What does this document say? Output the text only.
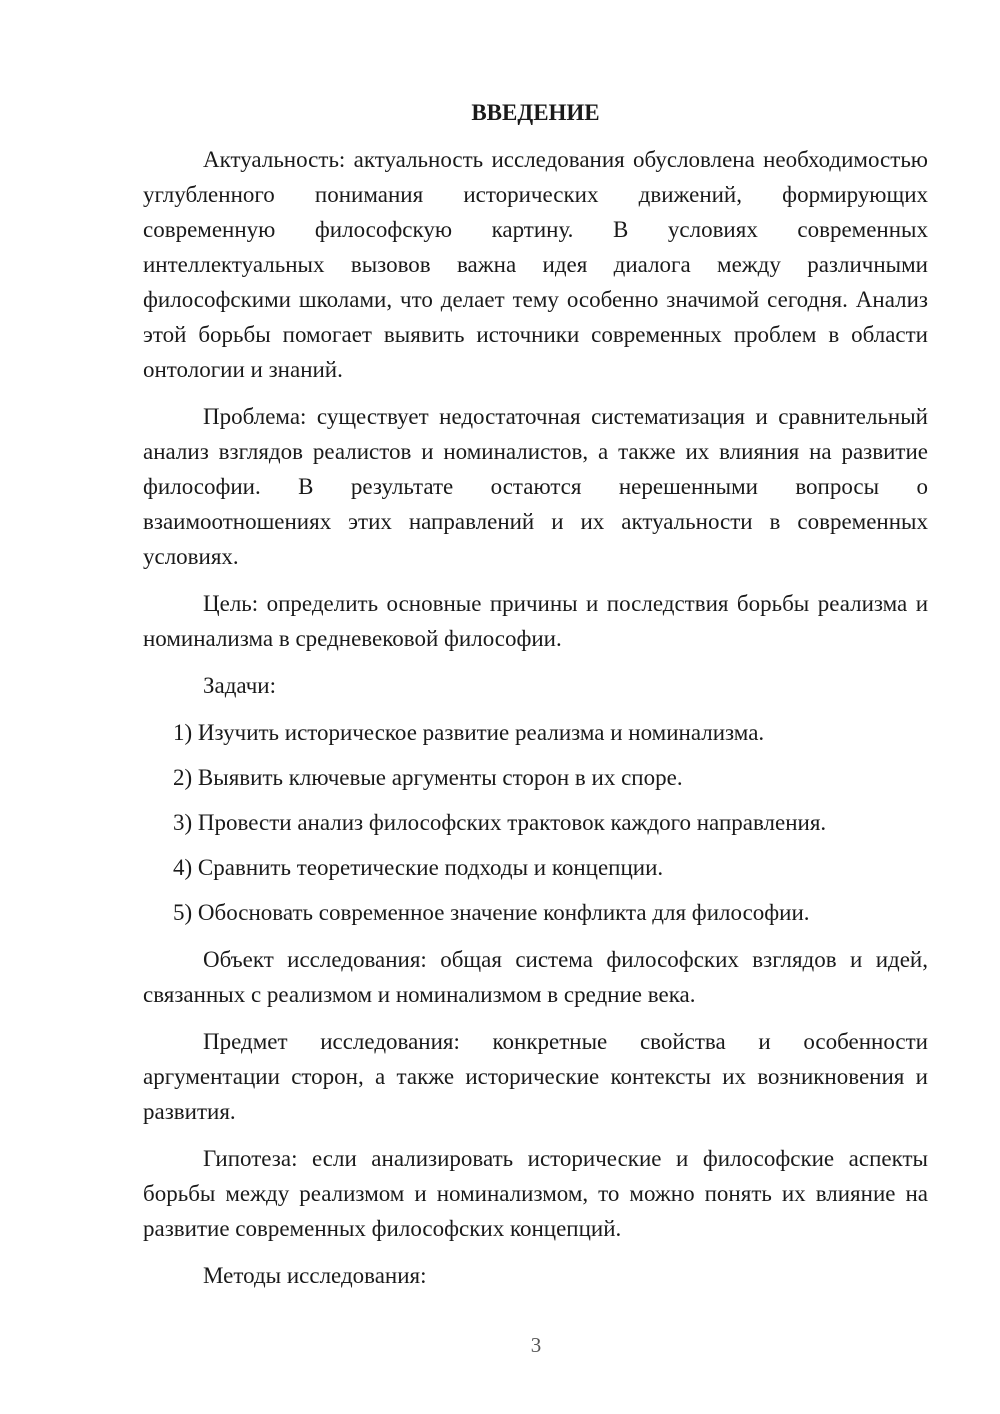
ВВЕДЕНИЕ

Актуальность: актуальность исследования обусловлена необходимостью углубленного понимания исторических движений, формирующих современную философскую картину. В условиях современных интеллектуальных вызовов важна идея диалога между различными философскими школами, что делает тему особенно значимой сегодня. Анализ этой борьбы помогает выявить источники современных проблем в области онтологии и знаний.

Проблема: существует недостаточная систематизация и сравнительный анализ взглядов реалистов и номиналистов, а также их влияния на развитие философии. В результате остаются нерешенными вопросы о взаимоотношениях этих направлений и их актуальности в современных условиях.

Цель: определить основные причины и последствия борьбы реализма и номинализма в средневековой философии.

Задачи:

1) Изучить историческое развитие реализма и номинализма.
2) Выявить ключевые аргументы сторон в их споре.
3) Провести анализ философских трактовок каждого направления.
4) Сравнить теоретические подходы и концепции.
5) Обосновать современное значение конфликта для философии.

Объект исследования: общая система философских взглядов и идей, связанных с реализмом и номинализмом в средние века.

Предмет исследования: конкретные свойства и особенности аргументации сторон, а также исторические контексты их возникновения и развития.

Гипотеза: если анализировать исторические и философские аспекты борьбы между реализмом и номинализмом, то можно понять их влияние на развитие современных философских концепций.

Методы исследования:

3
